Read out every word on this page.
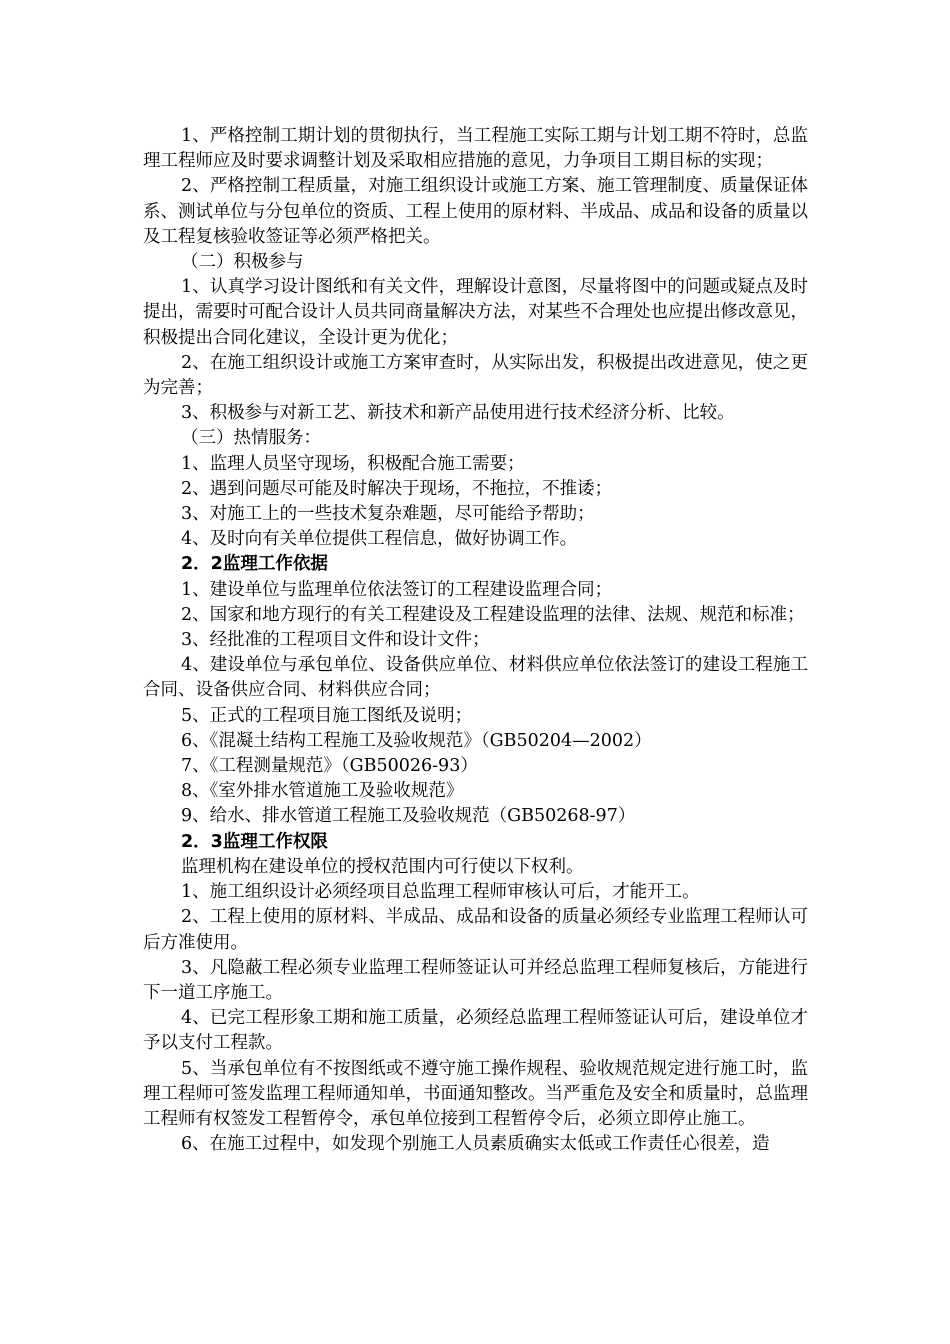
1、严格控制工期计划的贯彻执行，当工程施工实际工期与计划工期不符时，总监理工程师应及时要求调整计划及采取相应措施的意见，力争项目工期目标的实现；

2、严格控制工程质量，对施工组织设计或施工方案、施工管理制度、质量保证体系、测试单位与分包单位的资质、工程上使用的原材料、半成品、成品和设备的质量以及工程复核验收签证等必须严格把关。

（二）积极参与

1、认真学习设计图纸和有关文件，理解设计意图，尽量将图中的问题或疑点及时提出，需要时可配合设计人员共同商量解决方法，对某些不合理处也应提出修改意见，积极提出合同化建议，全设计更为优化；

2、在施工组织设计或施工方案审查时，从实际出发，积极提出改进意见，使之更为完善；

3、积极参与对新工艺、新技术和新产品使用进行技术经济分析、比较。

（三）热情服务：

1、监理人员坚守现场，积极配合施工需要；

2、遇到问题尽可能及时解决于现场，不拖拉，不推诿；

3、对施工上的一些技术复杂难题，尽可能给予帮助；

4、及时向有关单位提供工程信息，做好协调工作。

2．2监理工作依据

1、建设单位与监理单位依法签订的工程建设监理合同；

2、国家和地方现行的有关工程建设及工程建设监理的法律、法规、规范和标准；

3、经批准的工程项目文件和设计文件；

4、建设单位与承包单位、设备供应单位、材料供应单位依法签订的建设工程施工合同、设备供应合同、材料供应合同；

5、正式的工程项目施工图纸及说明；

6、《混凝土结构工程施工及验收规范》（GB50204—2002）

7、《工程测量规范》（GB50026-93）

8、《室外排水管道施工及验收规范》

9、给水、排水管道工程施工及验收规范（GB50268-97）

2．3监理工作权限

监理机构在建设单位的授权范围内可行使以下权利。

1、施工组织设计必须经项目总监理工程师审核认可后，才能开工。

2、工程上使用的原材料、半成品、成品和设备的质量必须经专业监理工程师认可后方准使用。

3、凡隐蔽工程必须专业监理工程师签证认可并经总监理工程师复核后，方能进行下一道工序施工。

4、已完工程形象工期和施工质量，必须经总监理工程师签证认可后，建设单位才予以支付工程款。

5、当承包单位有不按图纸或不遵守施工操作规程、验收规范规定进行施工时，监理工程师可签发监理工程师通知单，书面通知整改。当严重危及安全和质量时，总监理工程师有权签发工程暂停令，承包单位接到工程暂停令后，必须立即停止施工。

6、在施工过程中，如发现个别施工人员素质确实太低或工作责任心很差，造
